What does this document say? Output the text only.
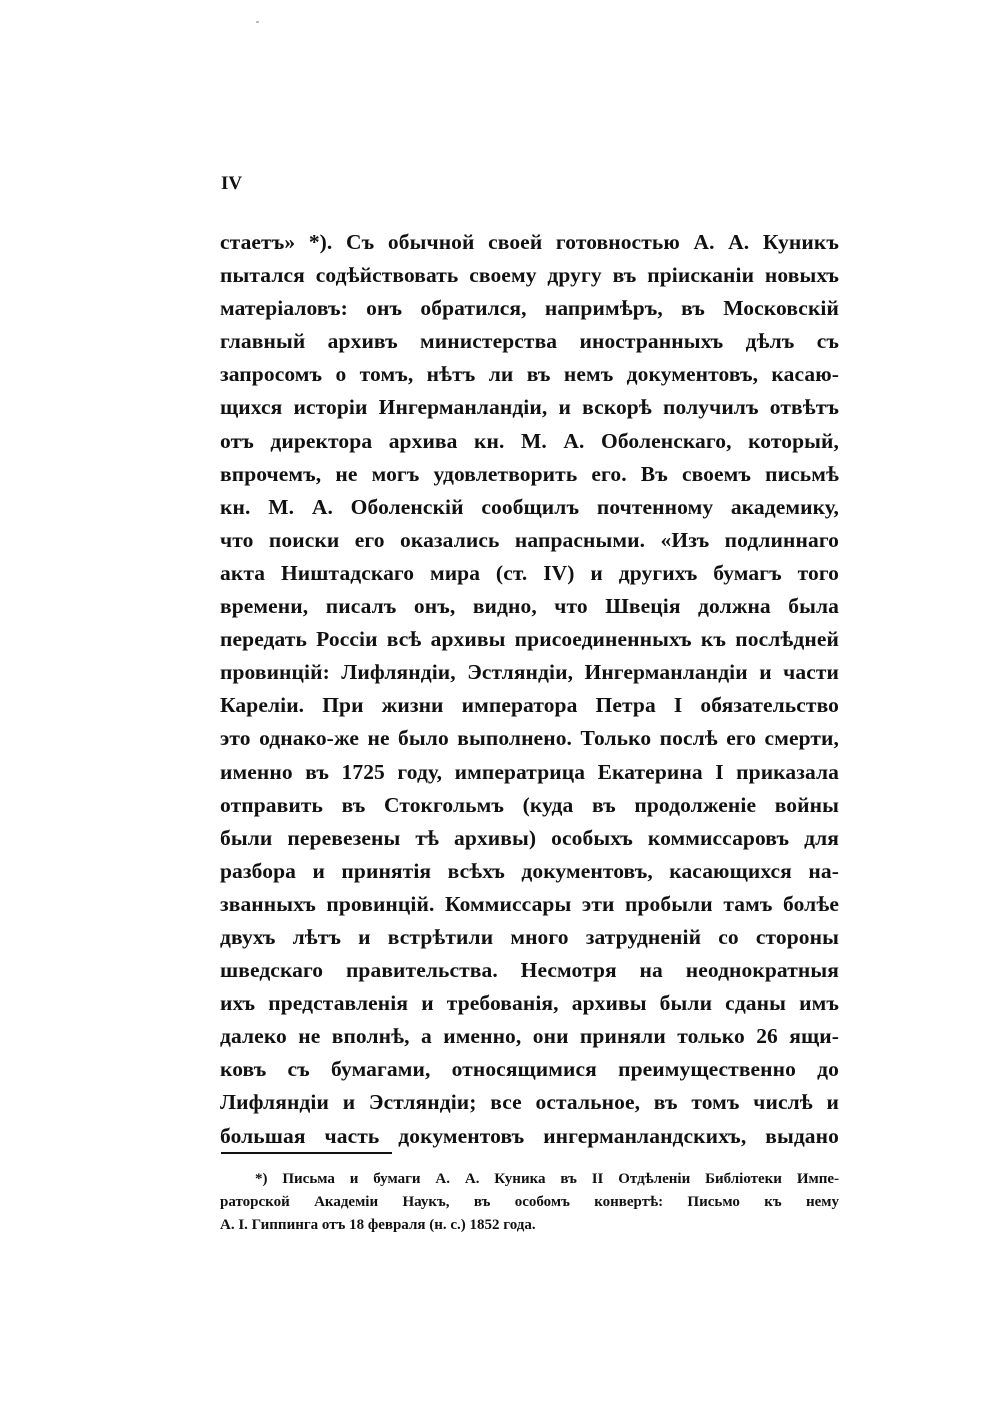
IV
стаетъ» *). Съ обычной своей готовностью А. А. Куникъ
пытался содѣйствовать своему другу въ прiисканiи новыхъ
матерiаловъ: онъ обратился, напримѣръ, въ Московскiй
главный архивъ министерства иностранныхъ дѣлъ съ
запросомъ о томъ, нѣтъ ли въ немъ документовъ, касаю-
щихся исторiи Ингерманландiи, и вскорѣ получилъ отвѣтъ
отъ директора архива кн. М. А. Оболенскаго, который,
впрочемъ, не могъ удовлетворить его. Въ своемъ письмѣ
кн. М. А. Оболенскiй сообщилъ почтенному академику,
что поиски его оказались напрасными. «Изъ подлиннаго
акта Ништадскаго мира (ст. IV) и другихъ бумагъ того
времени, писалъ онъ, видно, что Швецiя должна была
передать Россiи всѣ архивы присоединенныхъ къ послѣдней
провинцiй: Лифляндiи, Эстляндiи, Ингерманландiи и части
Карелiи. При жизни императора Петра I обязательство
это однако-же не было выполнено. Только послѣ его смерти,
именно въ 1725 году, императрица Екатерина I приказала
отправить въ Стокгольмъ (куда въ продолженiе войны
были перевезены тѣ архивы) особыхъ коммиссаровъ для
разбора и принятiя всѣхъ документовъ, касающихся на-
званныхъ провинцiй. Коммиссары эти пробыли тамъ болѣе
двухъ лѣтъ и встрѣтили много затрудненiй со стороны
шведскаго правительства. Несмотря на неоднократныя
ихъ представленiя и требованiя, архивы были сданы имъ
далеко не вполнѣ, а именно, они приняли только 26 ящи-
ковъ съ бумагами, относящимися преимущественно до
Лифляндiи и Эстляндiи; все остальное, въ томъ числѣ и
большая часть документовъ ингерманландскихъ, выдано
*) Письма и бумаги А. А. Куника въ II Отдѣленiи Библiотеки Импе-
раторской Академiи Наукъ, въ особомъ конвертѣ: Письмо къ нему
А. I. Гиппинга отъ 18 февраля (н. с.) 1852 года.
